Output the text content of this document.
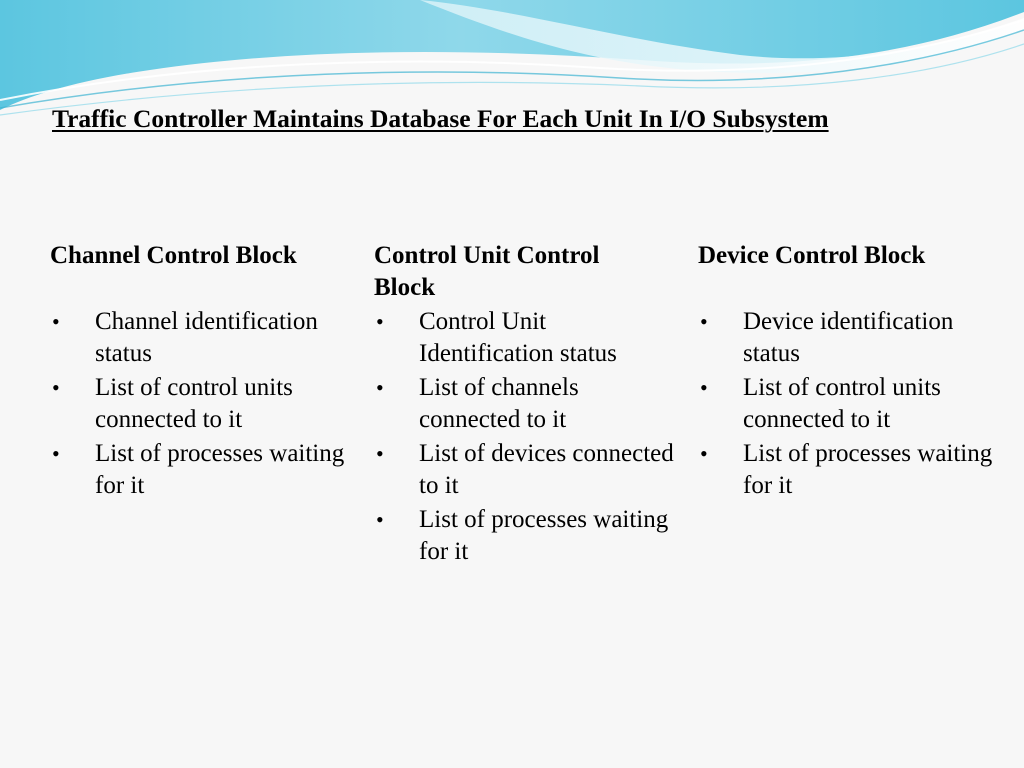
Traffic Controller Maintains Database For Each Unit In I/O Subsystem
Channel Control Block
• Channel identification status
• List of control units connected to it
• List of processes waiting for it
Control Unit Control Block
• Control Unit Identification status
• List of channels connected to it
• List of devices connected to it
• List of processes waiting for it
Device Control Block
• Device identification status
• List of control units connected to it
• List of processes waiting for it
